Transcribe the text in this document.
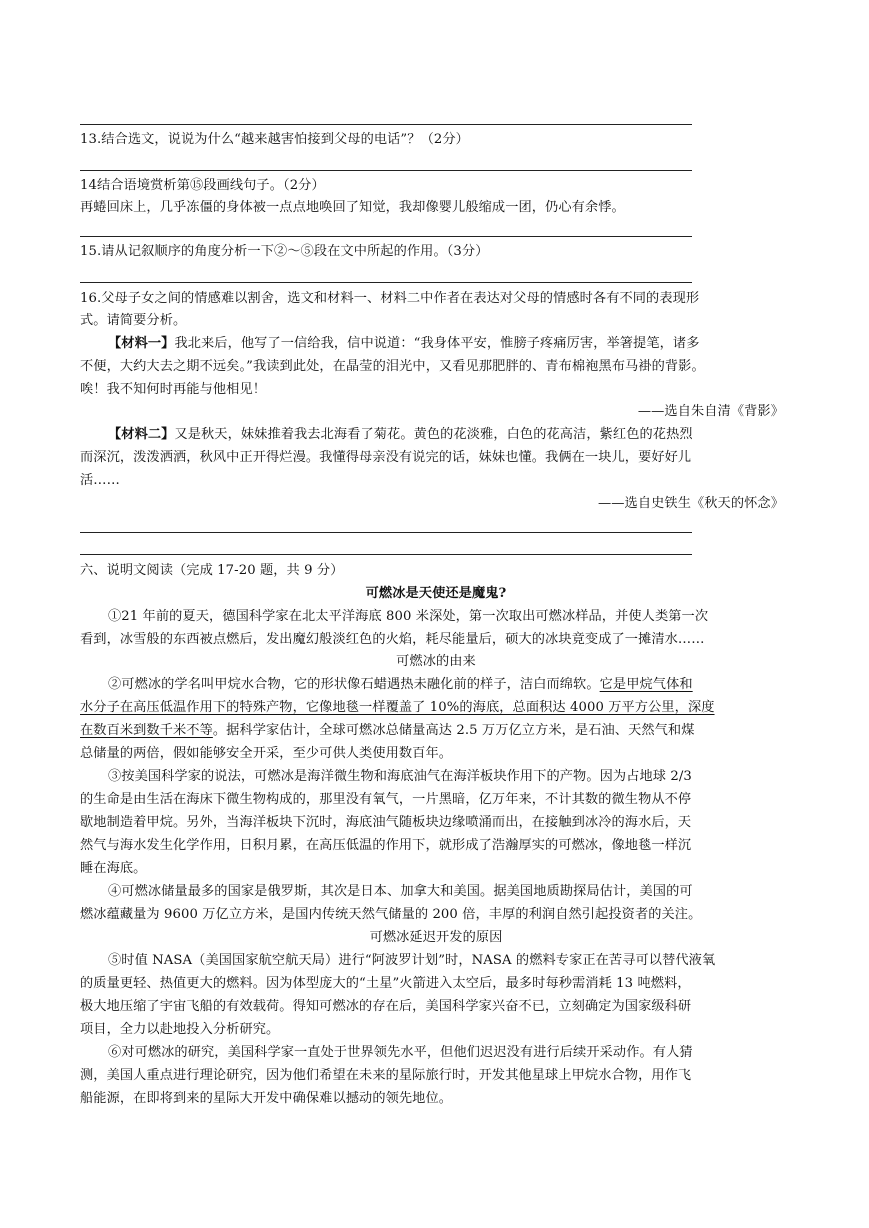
13.结合选文，说说为什么“越来越害怕接到父母的电话”？（2分）
14结合语境赏析第⑮段画线句子。（2分）
再蜷回床上，几乎冻僵的身体被一点点地唤回了知觉，我却像婴儿般缩成一团，仍心有余悸。
15.请从记叙顺序的角度分析一下②～⑤段在文中所起的作用。（3分）
16.父母子女之间的情感难以割舍，选文和材料一、材料二中作者在表达对父母的情感时各有不同的表现形
式。请简要分析。
【材料一】我北来后，他写了一信给我，信中说道：“我身体平安，惟膀子疼痛厉害，举箸提笔，诸多
不便，大约大去之期不远矣。”我读到此处，在晶莹的泪光中，又看见那肥胖的、青布棉袍黑布马褂的背影。
唉！我不知何时再能与他相见！
——选自朱自清《背影》
【材料二】又是秋天，妹妹推着我去北海看了菊花。黄色的花淡雅，白色的花高洁，紫红色的花热烈
而深沉，泼泼洒洒，秋风中正开得烂漫。我懂得母亲没有说完的话，妹妹也懂。我俩在一块儿，要好好儿
活……
——选自史铁生《秋天的怀念》
六、说明文阅读（完成 17-20 题，共 9 分）
可燃冰是天使还是魔鬼?
①21 年前的夏天，德国科学家在北太平洋海底 800 米深处，第一次取出可燃冰样品，并使人类第一次
看到，冰雪般的东西被点燃后，发出魔幻般淡红色的火焰，耗尽能量后，硕大的冰块竟变成了一摊清水……
可燃冰的由来
②可燃冰的学名叫甲烷水合物，它的形状像石蜡遇热未融化前的样子，洁白而绵软。它是甲烷气体和
水分子在高压低温作用下的特殊产物，它像地毯一样覆盖了 10%的海底，总面积达 4000 万平方公里，深度
在数百米到数千米不等。据科学家估计，全球可燃冰总储量高达 2.5 万万亿立方米，是石油、天然气和煤
总储量的两倍，假如能够安全开采，至少可供人类使用数百年。
③按美国科学家的说法，可燃冰是海洋微生物和海底油气在海洋板块作用下的产物。因为占地球 2/3
的生命是由生活在海床下微生物构成的，那里没有氧气，一片黑暗，亿万年来，不计其数的微生物从不停
歇地制造着甲烷。另外，当海洋板块下沉时，海底油气随板块边缘喷涌而出，在接触到冰冷的海水后，天
然气与海水发生化学作用，日积月累，在高压低温的作用下，就形成了浩瀚厚实的可燃冰，像地毯一样沉
睡在海底。
④可燃冰储量最多的国家是俄罗斯，其次是日本、加拿大和美国。据美国地质勘探局估计，美国的可
燃冰蕴藏量为 9600 万亿立方米，是国内传统天然气储量的 200 倍，丰厚的利润自然引起投资者的关注。
可燃冰延迟开发的原因
⑤时值 NASA（美国国家航空航天局）进行“阿波罗计划”时，NASA 的燃料专家正在苦寻可以替代液氧
的质量更轻、热值更大的燃料。因为体型庞大的“土星”火箭进入太空后，最多时每秒需消耗 13 吨燃料，
极大地压缩了宇宙飞船的有效载荷。得知可燃冰的存在后，美国科学家兴奋不已，立刻确定为国家级科研
项目，全力以赴地投入分析研究。
⑥对可燃冰的研究，美国科学家一直处于世界领先水平，但他们迟迟没有进行后续开采动作。有人猜
测，美国人重点进行理论研究，因为他们希望在未来的星际旅行时，开发其他星球上甲烷水合物，用作飞
船能源，在即将到来的星际大开发中确保难以撼动的领先地位。
